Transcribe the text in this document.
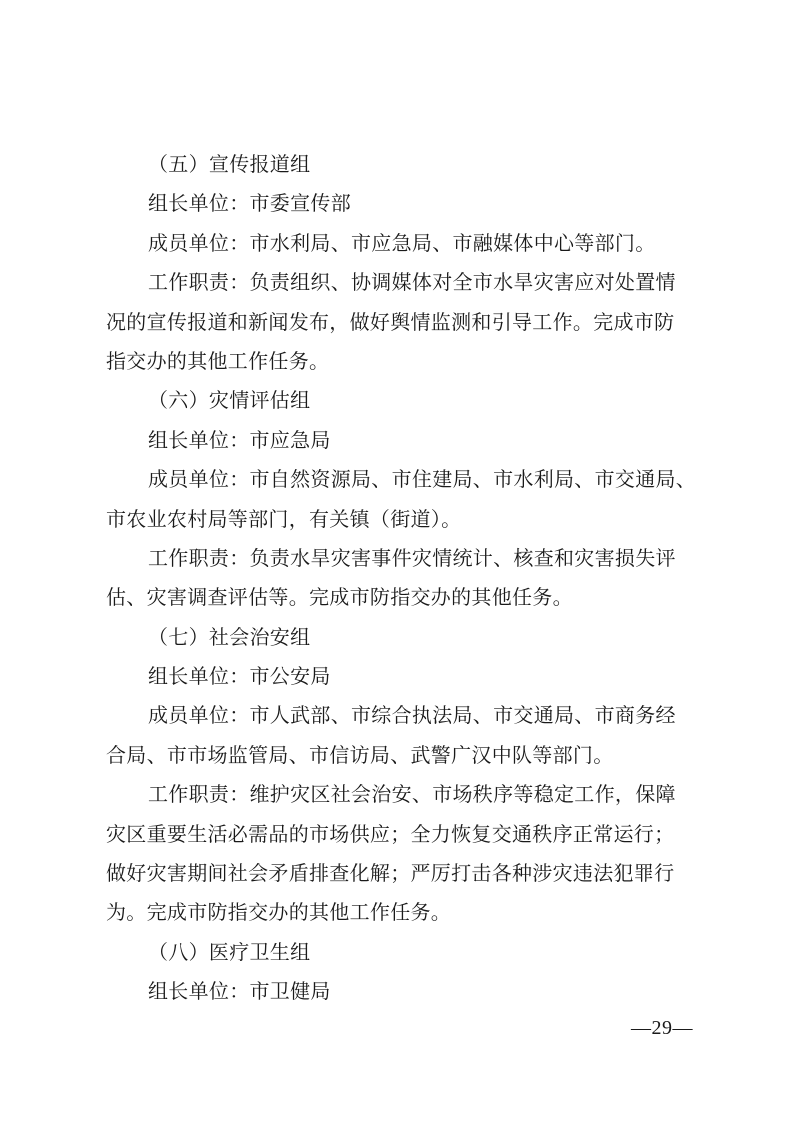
（五）宣传报道组
组长单位：市委宣传部
成员单位：市水利局、市应急局、市融媒体中心等部门。
工作职责：负责组织、协调媒体对全市水旱灾害应对处置情
况的宣传报道和新闻发布，做好舆情监测和引导工作。完成市防
指交办的其他工作任务。
（六）灾情评估组
组长单位：市应急局
成员单位：市自然资源局、市住建局、市水利局、市交通局、
市农业农村局等部门，有关镇（街道）。
工作职责：负责水旱灾害事件灾情统计、核查和灾害损失评
估、灾害调查评估等。完成市防指交办的其他任务。
（七）社会治安组
组长单位：市公安局
成员单位：市人武部、市综合执法局、市交通局、市商务经
合局、市市场监管局、市信访局、武警广汉中队等部门。
工作职责：维护灾区社会治安、市场秩序等稳定工作，保障
灾区重要生活必需品的市场供应；全力恢复交通秩序正常运行；
做好灾害期间社会矛盾排查化解；严厉打击各种涉灾违法犯罪行
为。完成市防指交办的其他工作任务。
（八）医疗卫生组
组长单位：市卫健局
—29—
